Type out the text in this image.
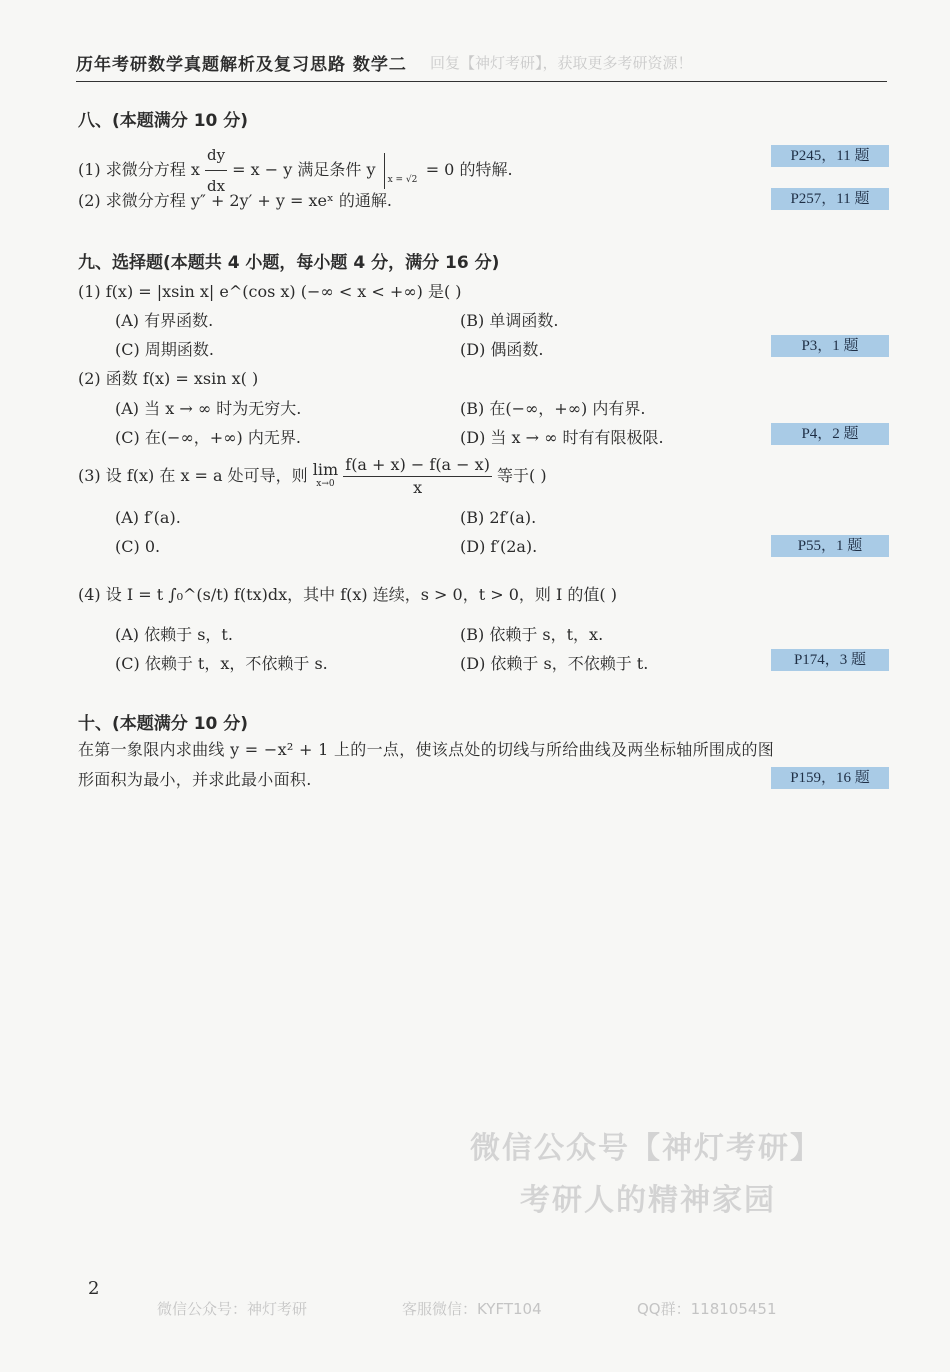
历年考研数学真题解析及复习思路 数学二 回复【神灯考研】，获取更多考研资源！
八、(本题满分 10 分)
(1) 求微分方程 x $\frac{dy}{dx} = x - y$ 满足条件 y
x = √2
= 0 的特解.
P245，11 题
(2) 求微分方程 y″ + 2y′ + y = xeˣ 的通解.	P257，11 题
九、选择题(本题共 4 小题，每小题 4 分，满分 16 分)
(1) f(x) = |xsin x| e^(cos x) (−∞ < x < +∞) 是( )
(A) 有界函数.	(B) 单调函数.
(C) 周期函数.	(D) 偶函数.	P3，1 题
(2) 函数 f(x) = xsin x( )
(A) 当 x → ∞ 时为无穷大.	(B) 在(−∞，+∞) 内有界.
(C) 在(−∞，+∞) 内无界.	(D) 当 x → ∞ 时有有限极限.	P4，2 题
(3) 设 f(x) 在 x = a 处可导，则 lim
x→0
$\frac{f(a + x) - f(a - x)}{x}$ 等于( )
(A) f′(a).	(B) 2f′(a).
(C) 0.	(D) f′(2a).	P55，1 题
(4) 设 I = t ∫₀^(s/t) f(tx)dx，其中 f(x) 连续，s > 0，t > 0，则 I 的值( )
(A) 依赖于 s，t.	(B) 依赖于 s，t，x.
(C) 依赖于 t，x，不依赖于 s.	(D) 依赖于 s，不依赖于 t.	P174，3 题
十、(本题满分 10 分)
在第一象限内求曲线 y = −x² + 1 上的一点，使该点处的切线与所给曲线及两坐标轴所围成的图形面积为最小，并求此最小面积.	P159，16 题
微信公众号【神灯考研】
考研人的精神家园
2
微信公众号：神灯考研	客服微信：KYFT104	QQ群：118105451
